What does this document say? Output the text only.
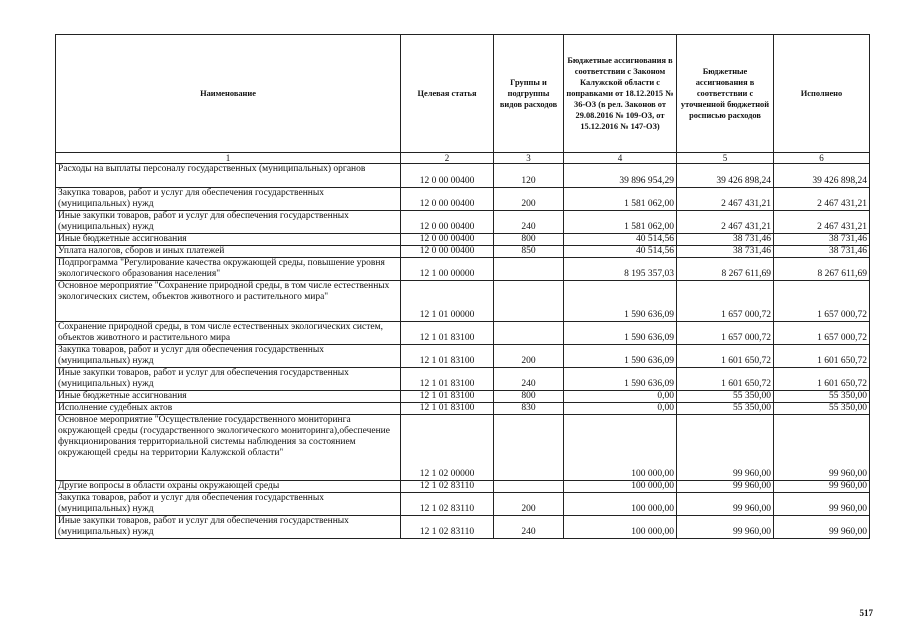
Наименование	Целевая статья	Группы и подгруппы видов расходов	Бюджетные ассигнования в соответствии с Законом Калужской области с поправками от 18.12.2015 № 36-ОЗ (в рел. Законов от 29.08.2016 № 109-ОЗ, от 15.12.2016 № 147-ОЗ)	Бюджетные ассигнования в соответствии с уточненной бюджетной росписью расходов	Исполнено
1	2	3	4	5	6
Расходы на выплаты персоналу государственных (муниципальных) органов	12 0 00 00400	120	39 896 954,29	39 426 898,24	39 426 898,24
Закупка товаров, работ и услуг для обеспечения государственных (муниципальных) нужд	12 0 00 00400	200	1 581 062,00	2 467 431,21	2 467 431,21
Иные закупки товаров, работ и услуг для обеспечения государственных (муниципальных) нужд	12 0 00 00400	240	1 581 062,00	2 467 431,21	2 467 431,21
Иные бюджетные ассигнования	12 0 00 00400	800	40 514,56	38 731,46	38 731,46
Уплата налогов, сборов и иных платежей	12 0 00 00400	850	40 514,56	38 731,46	38 731,46
Подпрограмма "Регулирование качества окружающей среды, повышение уровня экологического образования населения"	12 1 00 00000		8 195 357,03	8 267 611,69	8 267 611,69
Основное мероприятие "Сохранение природной среды, в том числе естественных экологических систем, объектов животного и растительного мира"	12 1 01 00000		1 590 636,09	1 657 000,72	1 657 000,72
Сохранение природной среды, в том числе естественных экологических систем, объектов животного и растительного мира	12 1 01 83100		1 590 636,09	1 657 000,72	1 657 000,72
Закупка товаров, работ и услуг для обеспечения государственных (муниципальных) нужд	12 1 01 83100	200	1 590 636,09	1 601 650,72	1 601 650,72
Иные закупки товаров, работ и услуг для обеспечения государственных (муниципальных) нужд	12 1 01 83100	240	1 590 636,09	1 601 650,72	1 601 650,72
Иные бюджетные ассигнования	12 1 01 83100	800	0,00	55 350,00	55 350,00
Исполнение судебных актов	12 1 01 83100	830	0,00	55 350,00	55 350,00
Основное мероприятие "Осуществление государственного мониторинга окружающей среды (государственного экологического мониторинга),обеспечение функционирования территориальной системы наблюдения за состоянием окружающей среды на территории Калужской области"	12 1 02 00000		100 000,00	99 960,00	99 960,00
Другие вопросы в области охраны окружающей среды	12 1 02 83110		100 000,00	99 960,00	99 960,00
Закупка товаров, работ и услуг для обеспечения государственных (муниципальных) нужд	12 1 02 83110	200	100 000,00	99 960,00	99 960,00
Иные закупки товаров, работ и услуг для обеспечения государственных (муниципальных) нужд	12 1 02 83110	240	100 000,00	99 960,00	99 960,00
517
